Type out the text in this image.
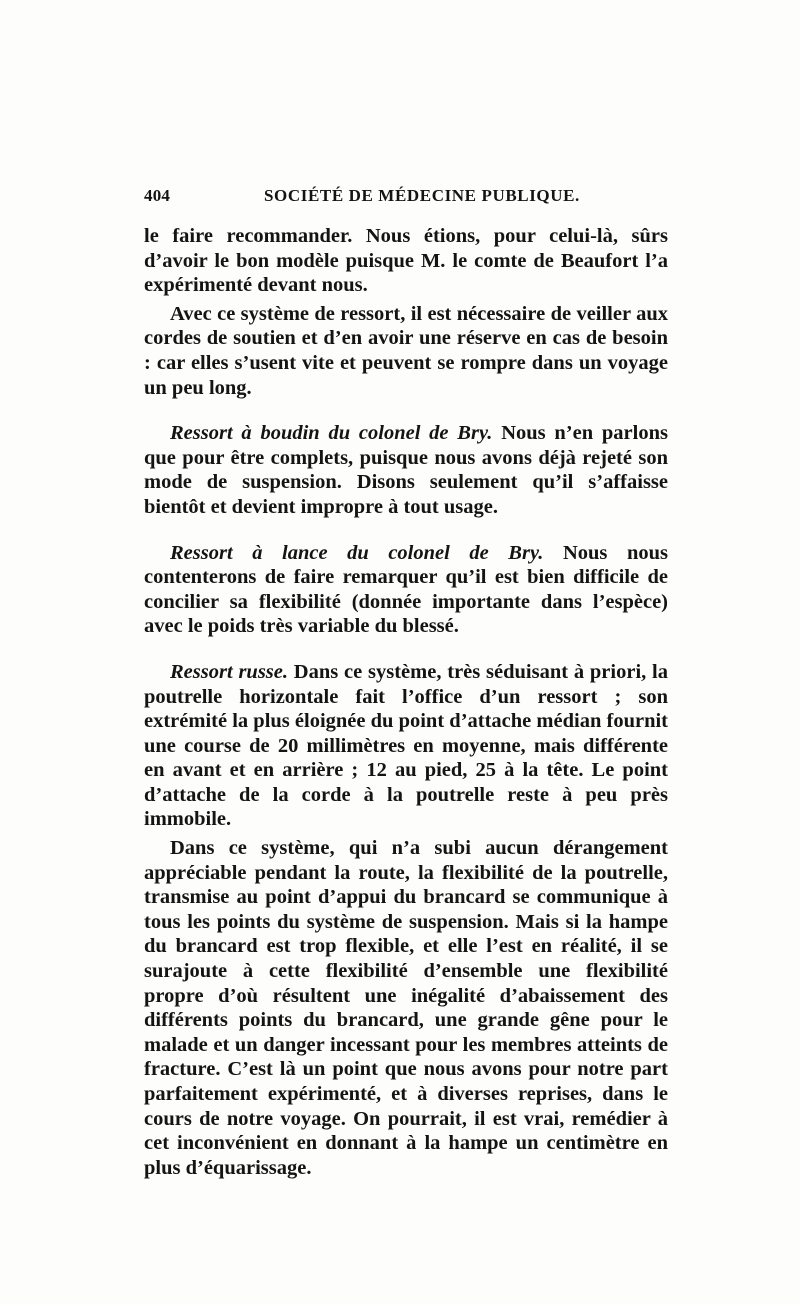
404	SOCIÉTÉ DE MÉDECINE PUBLIQUE.

le faire recommander. Nous étions, pour celui-là, sûrs d’avoir le bon modèle puisque M. le comte de Beaufort l’a expérimenté devant nous.

Avec ce système de ressort, il est nécessaire de veiller aux cordes de soutien et d’en avoir une réserve en cas de besoin : car elles s’usent vite et peuvent se rompre dans un voyage un peu long.

Ressort à boudin du colonel de Bry. Nous n’en parlons que pour être complets, puisque nous avons déjà rejeté son mode de suspension. Disons seulement qu’il s’affaisse bientôt et devient impropre à tout usage.

Ressort à lance du colonel de Bry. Nous nous contenterons de faire remarquer qu’il est bien difficile de concilier sa flexibilité (donnée importante dans l’espèce) avec le poids très variable du blessé.

Ressort russe. Dans ce système, très séduisant à priori, la poutrelle horizontale fait l’office d’un ressort ; son extrémité la plus éloignée du point d’attache médian fournit une course de 20 millimètres en moyenne, mais différente en avant et en arrière ; 12 au pied, 25 à la tête. Le point d’attache de la corde à la poutrelle reste à peu près immobile.

Dans ce système, qui n’a subi aucun dérangement appréciable pendant la route, la flexibilité de la poutrelle, transmise au point d’appui du brancard se communique à tous les points du système de suspension. Mais si la hampe du brancard est trop flexible, et elle l’est en réalité, il se surajoute à cette flexibilité d’ensemble une flexibilité propre d’où résultent une inégalité d’abaissement des différents points du brancard, une grande gêne pour le malade et un danger incessant pour les membres atteints de fracture. C’est là un point que nous avons pour notre part parfaitement expérimenté, et à diverses reprises, dans le cours de notre voyage. On pourrait, il est vrai, remédier à cet inconvénient en donnant à la hampe un centimètre en plus d’équarissage.
